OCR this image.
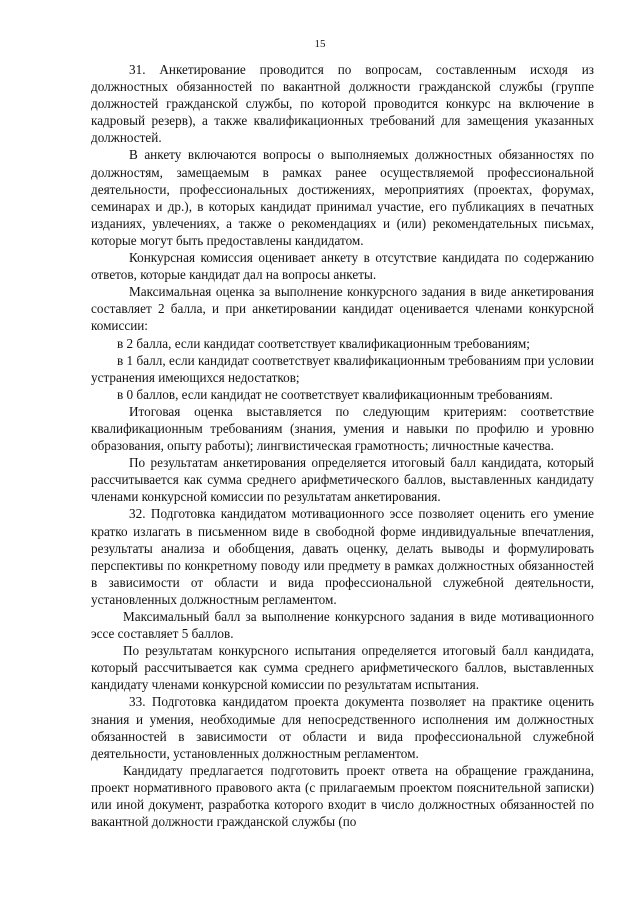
15

31. Анкетирование проводится по вопросам, составленным исходя из должностных обязанностей по вакантной должности гражданской службы (группе должностей гражданской службы, по которой проводится конкурс на включение в кадровый резерв), а также квалификационных требований для замещения указанных должностей.

В анкету включаются вопросы о выполняемых должностных обязанностях по должностям, замещаемым в рамках ранее осуществляемой профессиональной деятельности, профессиональных достижениях, мероприятиях (проектах, форумах, семинарах и др.), в которых кандидат принимал участие, его публикациях в печатных изданиях, увлечениях, а также о рекомендациях и (или) рекомендательных письмах, которые могут быть предоставлены кандидатом.

Конкурсная комиссия оценивает анкету в отсутствие кандидата по содержанию ответов, которые кандидат дал на вопросы анкеты.

Максимальная оценка за выполнение конкурсного задания в виде анкетирования составляет 2 балла, и при анкетировании кандидат оценивается членами конкурсной комиссии:

в 2 балла, если кандидат соответствует квалификационным требованиям;

в 1 балл, если кандидат соответствует квалификационным требованиям при условии устранения имеющихся недостатков;

в 0 баллов, если кандидат не соответствует квалификационным требованиям.

Итоговая оценка выставляется по следующим критериям: соответствие квалификационным требованиям (знания, умения и навыки по профилю и уровню образования, опыту работы); лингвистическая грамотность; личностные качества.

По результатам анкетирования определяется итоговый балл кандидата, который рассчитывается как сумма среднего арифметического баллов, выставленных кандидату членами конкурсной комиссии по результатам анкетирования.

32. Подготовка кандидатом мотивационного эссе позволяет оценить его умение кратко излагать в письменном виде в свободной форме индивидуальные впечатления, результаты анализа и обобщения, давать оценку, делать выводы и формулировать перспективы по конкретному поводу или предмету в рамках должностных обязанностей в зависимости от области и вида профессиональной служебной деятельности, установленных должностным регламентом.

Максимальный балл за выполнение конкурсного задания в виде мотивационного эссе составляет 5 баллов.

По результатам конкурсного испытания определяется итоговый балл кандидата, который рассчитывается как сумма среднего арифметического баллов, выставленных кандидату членами конкурсной комиссии по результатам испытания.

33. Подготовка кандидатом проекта документа позволяет на практике оценить знания и умения, необходимые для непосредственного исполнения им должностных обязанностей в зависимости от области и вида профессиональной служебной деятельности, установленных должностным регламентом.

Кандидату предлагается подготовить проект ответа на обращение гражданина, проект нормативного правового акта (с прилагаемым проектом пояснительной записки) или иной документ, разработка которого входит в число должностных обязанностей по вакантной должности гражданской службы (по
